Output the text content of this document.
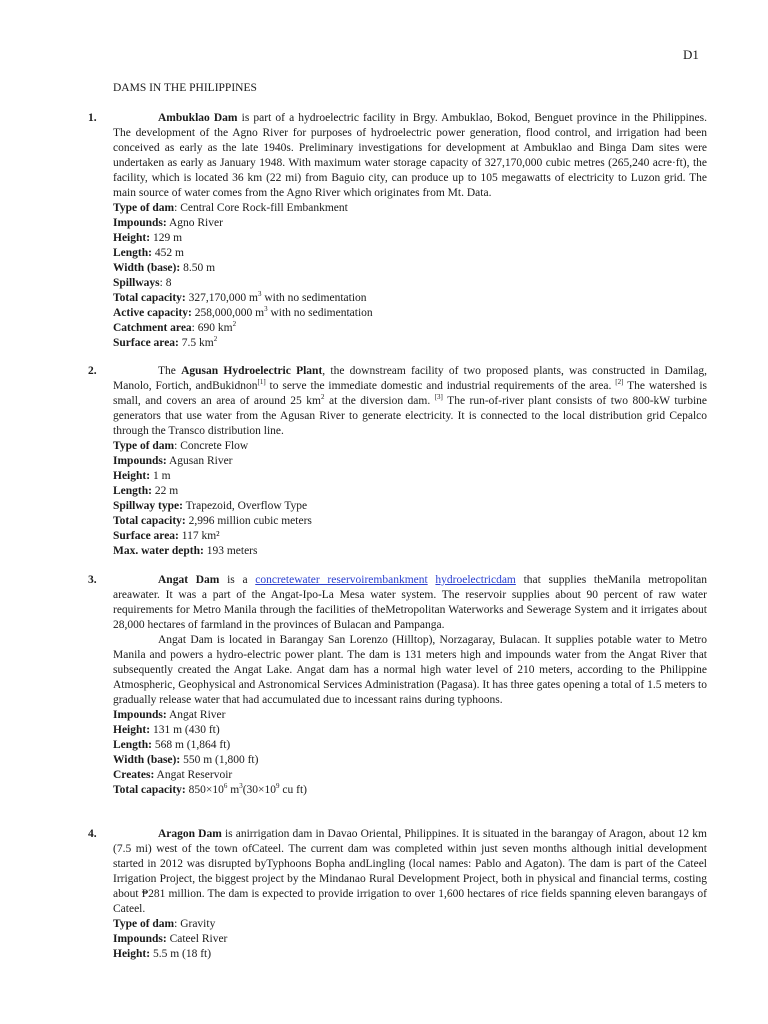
D1
DAMS IN THE PHILIPPINES
1.	Ambuklao Dam is part of a hydroelectric facility in Brgy. Ambuklao, Bokod, Benguet province in the Philippines. The development of the Agno River for purposes of hydroelectric power generation, flood control, and irrigation had been conceived as early as the late 1940s. Preliminary investigations for development at Ambuklao and Binga Dam sites were undertaken as early as January 1948. With maximum water storage capacity of 327,170,000 cubic metres (265,240 acre·ft), the facility, which is located 36 km (22 mi) from Baguio city, can produce up to 105 megawatts of electricity to Luzon grid. The main source of water comes from the Agno River which originates from Mt. Data.

Type of dam: Central Core Rock-fill Embankment

Impounds: Agno River

Height: 129 m

Length: 452 m

Width (base): 8.50 m

Spillways: 8

Total capacity: 327,170,000 $m^3$ with no sedimentation

Active capacity: 258,000,000 $m^3$ with no sedimentation

Catchment area: 690 $km^2$

Surface area: 7.5 $km^2$

2.	The Agusan Hydroelectric Plant, the downstream facility of two proposed plants, was constructed in Damilag, Manolo, Fortich, andBukidnon[1] to serve the immediate domestic and industrial requirements of the area. [2] The watershed is small, and covers an area of around 25 $km^2$ at the diversion dam. [3] The run-of-river plant consists of two 800-kW turbine generators that use water from the Agusan River to generate electricity. It is connected to the local distribution grid Cepalco through the Transco distribution line.

Type of dam: Concrete Flow

Impounds: Agusan River

Height: 1 m

Length: 22 m

Spillway type: Trapezoid, Overflow Type

Total capacity: 2,996 million cubic meters

Surface area: 117 km²

Max. water depth: 193 meters

3.	Angat Dam is a concretewater reservoirembankment hydroelectricdam that supplies theManila metropolitan areawater. It was a part of the Angat-Ipo-La Mesa water system. The reservoir supplies about 90 percent of raw water requirements for Metro Manila through the facilities of theMetropolitan Waterworks and Sewerage System and it irrigates about 28,000 hectares of farmland in the provinces of Bulacan and Pampanga.

Angat Dam is located in Barangay San Lorenzo (Hilltop), Norzagaray, Bulacan. It supplies potable water to Metro Manila and powers a hydro-electric power plant. The dam is 131 meters high and impounds water from the Angat River that subsequently created the Angat Lake. Angat dam has a normal high water level of 210 meters, according to the Philippine Atmospheric, Geophysical and Astronomical Services Administration (Pagasa). It has three gates opening a total of 1.5 meters to gradually release water that had accumulated due to incessant rains during typhoons.

Impounds: Angat River

Height: 131 m (430 ft)

Length: 568 m (1,864 ft)

Width (base): 550 m (1,800 ft)

Creates: Angat Reservoir

Total capacity: $850\times 10^6$ $m^3(30\times 10^9$ cu ft)

4.	Aragon Dam is anirrigation dam in Davao Oriental, Philippines. It is situated in the barangay of Aragon, about 12 km (7.5 mi) west of the town ofCateel. The current dam was completed within just seven months although initial development started in 2012 was disrupted byTyphoons Bopha andLingling (local names: Pablo and Agaton). The dam is part of the Cateel Irrigation Project, the biggest project by the Mindanao Rural Development Project, both in physical and financial terms, costing about ₱281 million. The dam is expected to provide irrigation to over 1,600 hectares of rice fields spanning eleven barangays of Cateel.

Type of dam: Gravity

Impounds: Cateel River

Height: 5.5 m (18 ft)
